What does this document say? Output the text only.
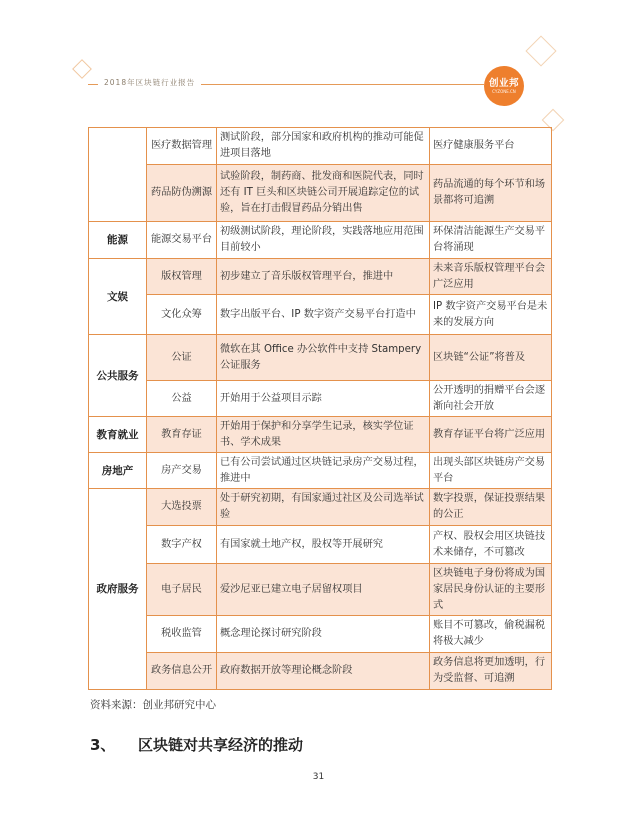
2018年区块链行业报告	创业邦
CYZONE.CN
	医疗数据管理	测试阶段，部分国家和政府机构的推动可能促进项目落地	医疗健康服务平台
	药品防伪溯源	试验阶段，制药商、批发商和医院代表，同时还有 IT 巨头和区块链公司开展追踪定位的试验，旨在打击假冒药品分销出售	药品流通的每个环节和场景都将可追溯
能源	能源交易平台	初级测试阶段，理论阶段，实践落地应用范围目前较小	环保清洁能源生产交易平台将涌现
文娱	版权管理	初步建立了音乐版权管理平台，推进中	未来音乐版权管理平台会广泛应用
	文化众筹	数字出版平台、IP 数字资产交易平台打造中	IP 数字资产交易平台是未来的发展方向
公共服务	公证	微软在其 Office 办公软件中支持 Stampery 公证服务	区块链“公证”将普及
	公益	开始用于公益项目示踪	公开透明的捐赠平台会逐渐向社会开放
教育就业	教育存证	开始用于保护和分享学生记录，核实学位证书、学术成果	教育存证平台将广泛应用
房地产	房产交易	已有公司尝试通过区块链记录房产交易过程，推进中	出现头部区块链房产交易平台
政府服务	大选投票	处于研究初期，有国家通过社区及公司选举试验	数字投票，保证投票结果的公正
	数字产权	有国家就土地产权，股权等开展研究	产权、股权会用区块链技术来储存，不可篡改
	电子居民	爱沙尼亚已建立电子居留权项目	区块链电子身份将成为国家居民身份认证的主要形式
	税收监管	概念理论探讨研究阶段	账目不可篡改，偷税漏税将极大减少
	政务信息公开	政府数据开放等理论概念阶段	政务信息将更加透明，行为受监督、可追溯
资料来源：创业邦研究中心
3、 区块链对共享经济的推动
31
